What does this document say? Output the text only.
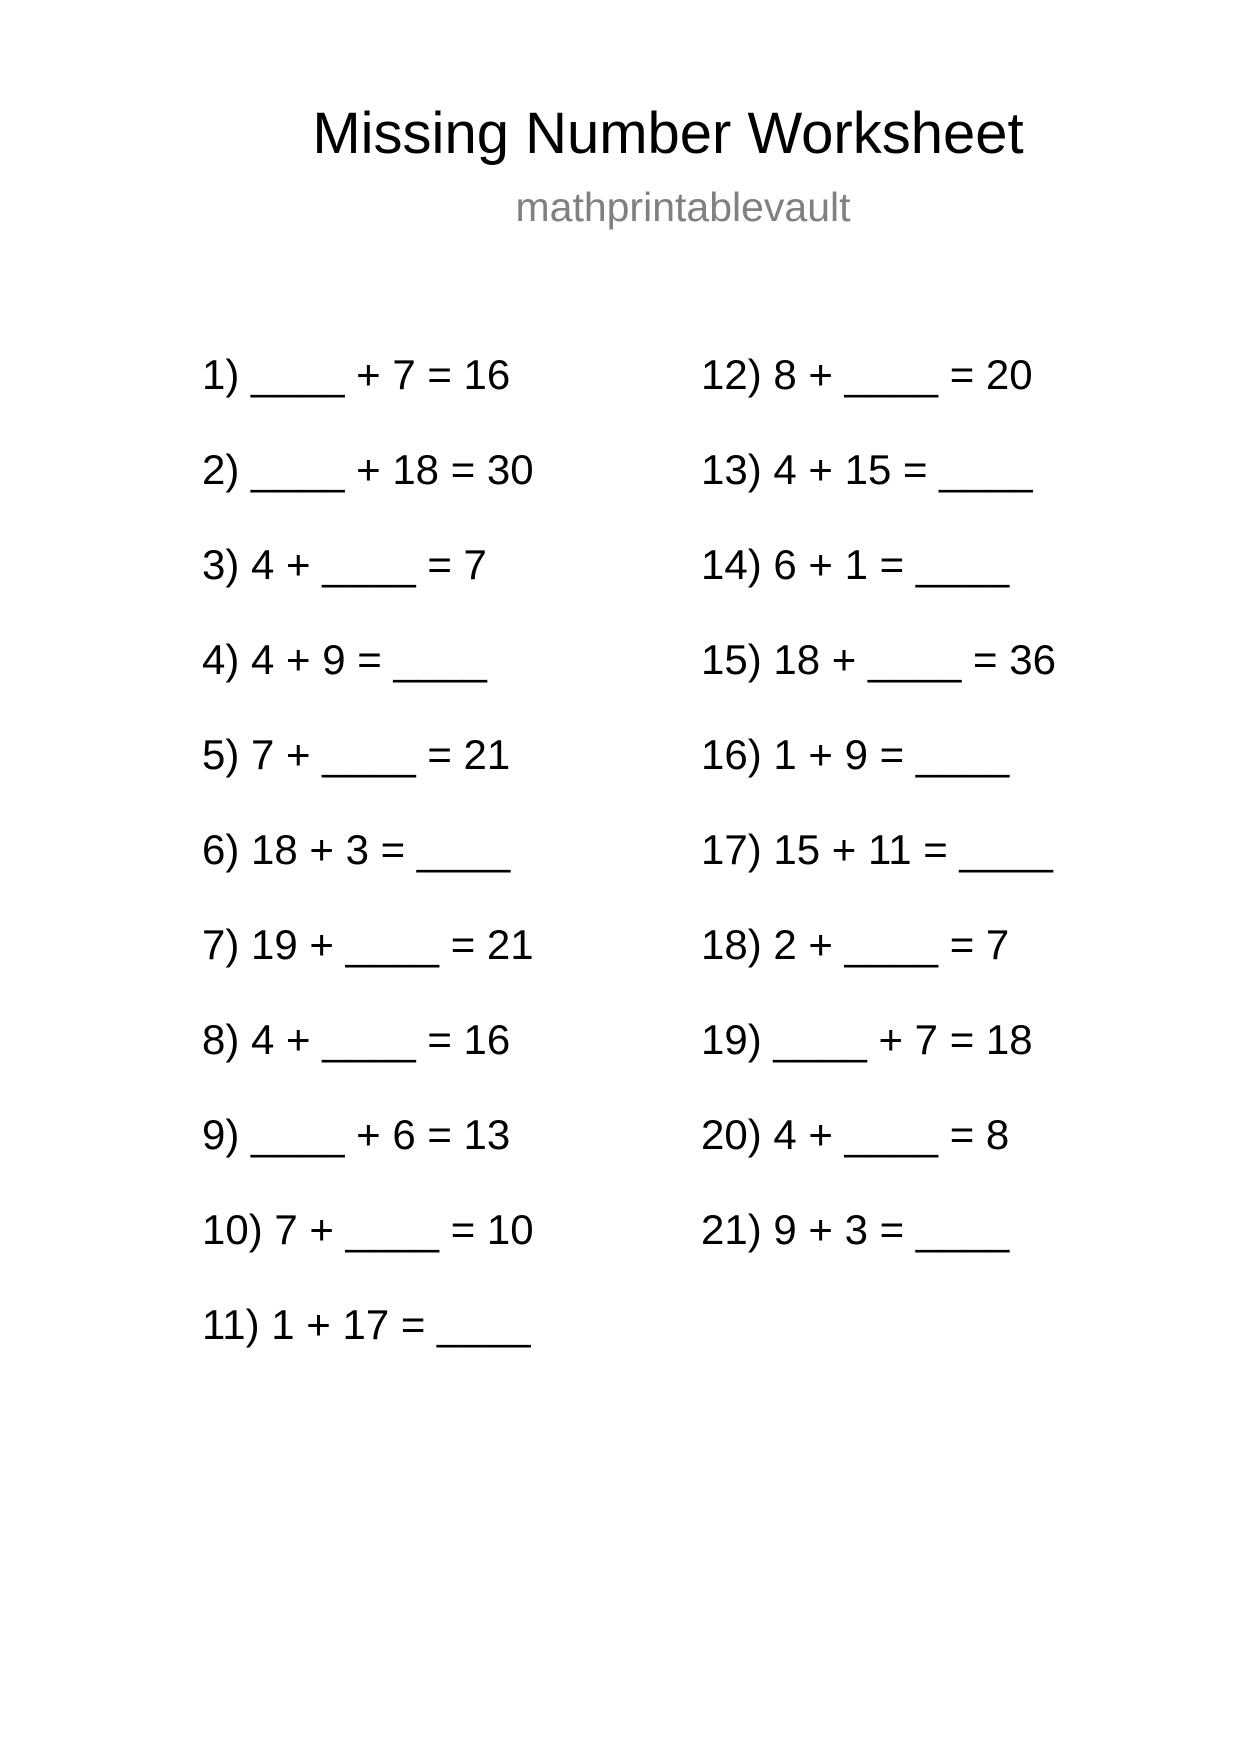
Missing Number Worksheet
mathprintablevault
1) ____ + 7 = 16
2) ____ + 18 = 30
3) 4 + ____ = 7
4) 4 + 9 = ____
5) 7 + ____ = 21
6) 18 + 3 = ____
7) 19 + ____ = 21
8) 4 + ____ = 16
9) ____ + 6 = 13
10) 7 + ____ = 10
11) 1 + 17 = ____
12) 8 + ____ = 20
13) 4 + 15 = ____
14) 6 + 1 = ____
15) 18 + ____ = 36
16) 1 + 9 = ____
17) 15 + 11 = ____
18) 2 + ____ = 7
19) ____ + 7 = 18
20) 4 + ____ = 8
21) 9 + 3 = ____
